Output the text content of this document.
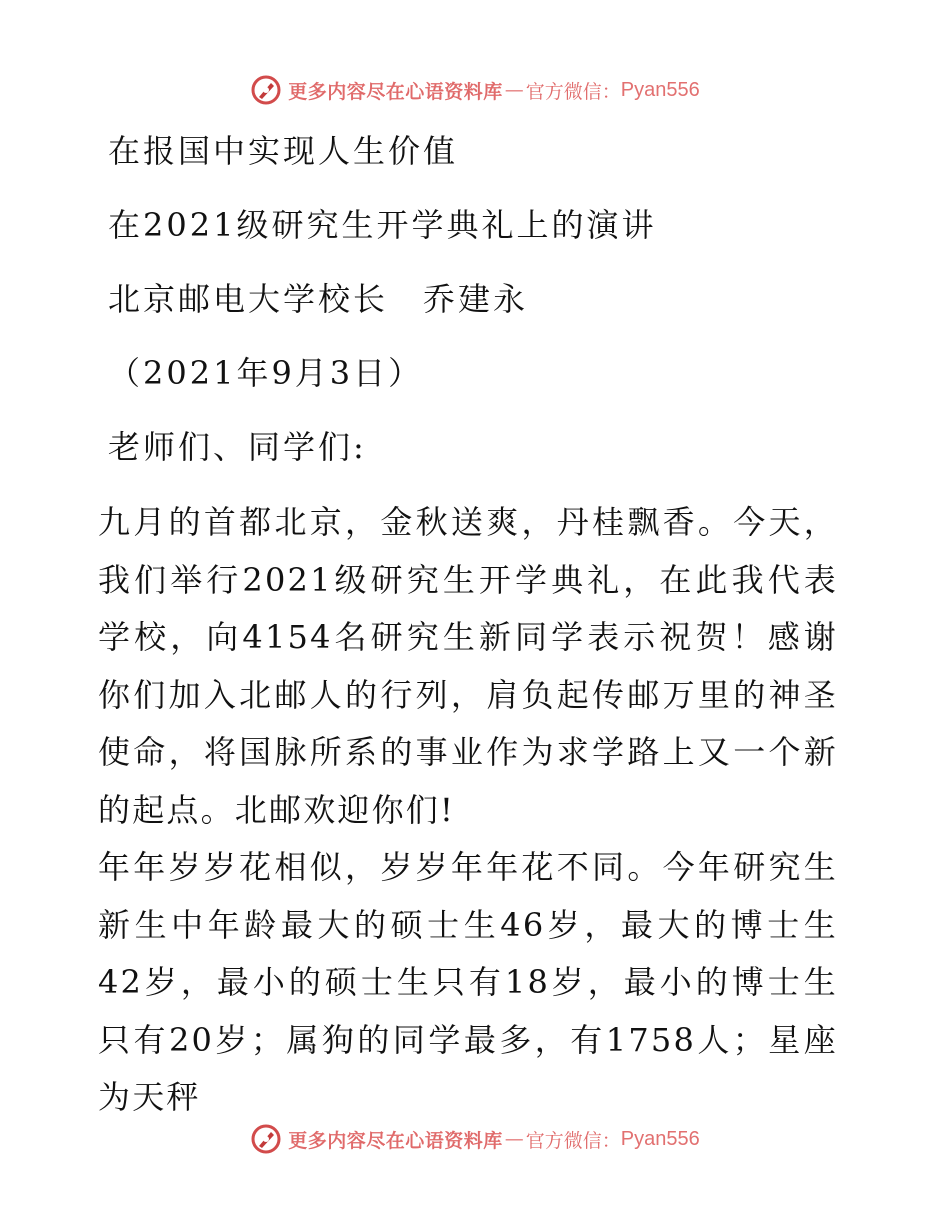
更多内容尽在心语资料库 — 官方微信： Pyan556
在报国中实现人生价值
在2021级研究生开学典礼上的演讲
北京邮电大学校长　乔建永
（2021年9月3日）
老师们、同学们:

九月的首都北京，金秋送爽，丹桂飘香。今天，我们举行2021级研究生开学典礼，在此我代表学校，向4154名研究生新同学表示祝贺！感谢你们加入北邮人的行列，肩负起传邮万里的神圣使命，将国脉所系的事业作为求学路上又一个新的起点。北邮欢迎你们!

年年岁岁花相似，岁岁年年花不同。今年研究生新生中年龄最大的硕士生46岁，最大的博士生42岁，最小的硕士生只有18岁，最小的博士生只有20岁；属狗的同学最多，有1758人；星座为天秤

更多内容尽在心语资料库 — 官方微信： Pyan556
